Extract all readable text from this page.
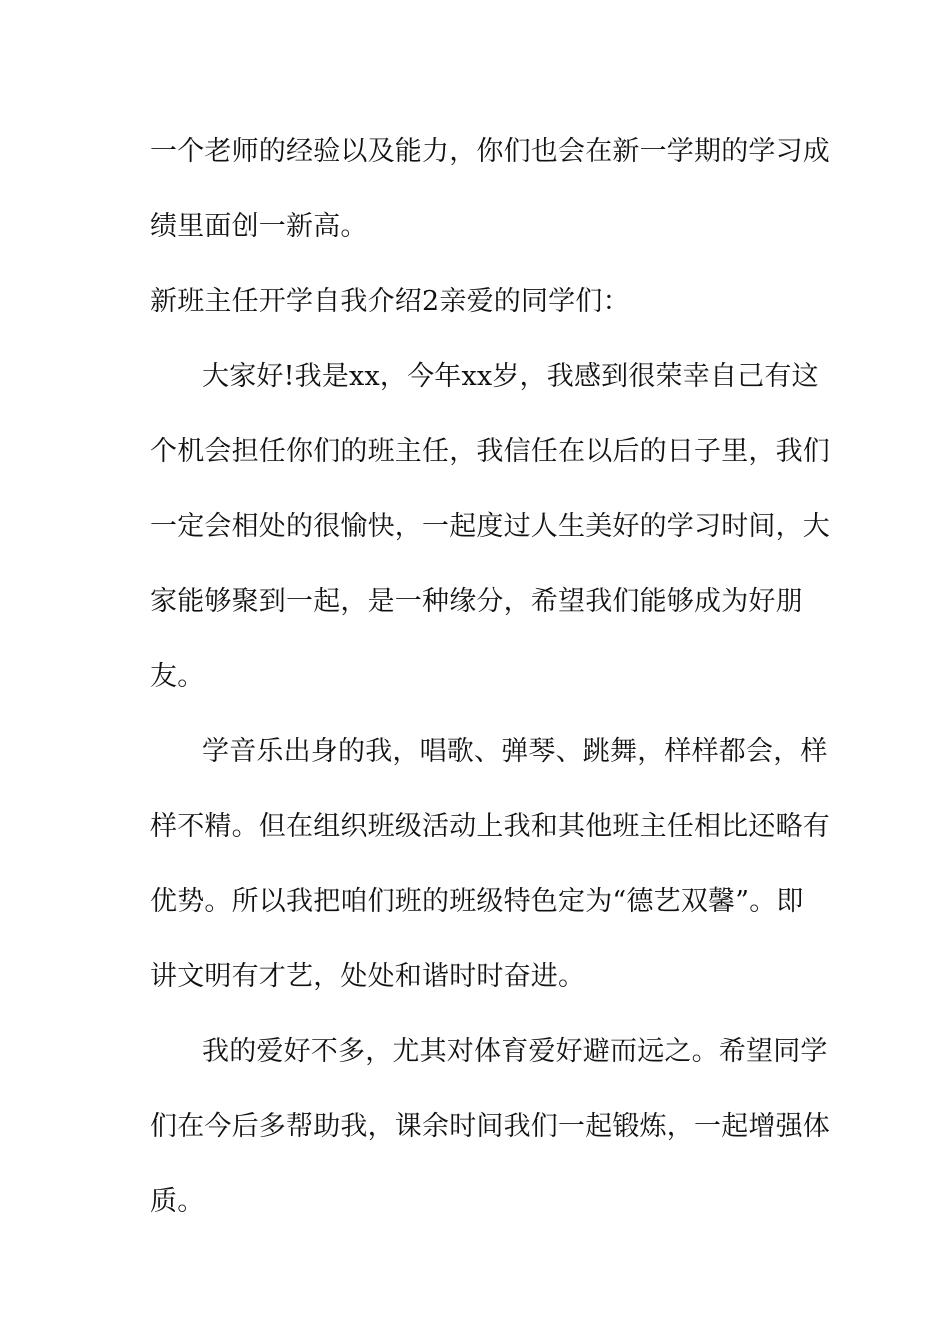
一个老师的经验以及能力，你们也会在新一学期的学习成
绩里面创一新高。
新班主任开学自我介绍2亲爱的同学们：
大家好!我是xx，今年xx岁，我感到很荣幸自己有这
个机会担任你们的班主任，我信任在以后的日子里，我们
一定会相处的很愉快，一起度过人生美好的学习时间，大
家能够聚到一起，是一种缘分，希望我们能够成为好朋
友。
学音乐出身的我，唱歌、弹琴、跳舞，样样都会，样
样不精。但在组织班级活动上我和其他班主任相比还略有
优势。所以我把咱们班的班级特色定为“德艺双馨”。即
讲文明有才艺，处处和谐时时奋进。
我的爱好不多，尤其对体育爱好避而远之。希望同学
们在今后多帮助我，课余时间我们一起锻炼，一起增强体
质。
